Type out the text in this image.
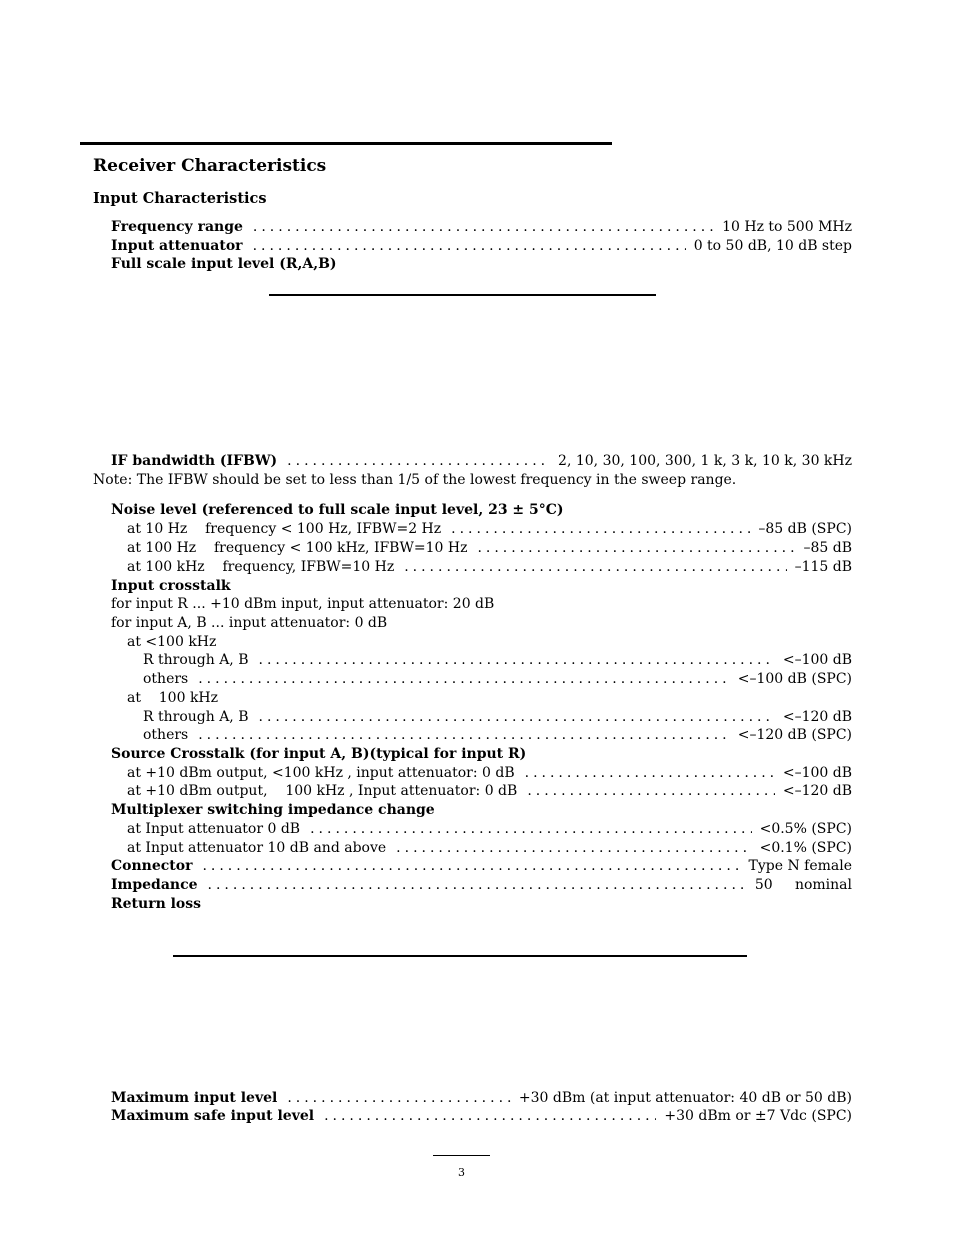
Receiver Characteristics
Input Characteristics
Frequency range .....	10 Hz to 500 MHz
Input attenuator .....	0 to 50 dB, 10 dB step
Full scale input level (R,A,B)
IF bandwidth (IFBW) .....	2, 10, 30, 100, 300, 1 k, 3 k, 10 k, 30 kHz
Note: The IFBW should be set to less than 1/5 of the lowest frequency in the sweep range.
Noise level (referenced to full scale input level, 23 ± 5°C)
at 10 Hz    frequency < 100 Hz, IFBW=2 Hz .....	–85 dB (SPC)
at 100 Hz    frequency < 100 kHz, IFBW=10 Hz .....	–85 dB
at 100 kHz    frequency, IFBW=10 Hz .....	–115 dB
Input crosstalk
for input R ... +10 dBm input, input attenuator: 20 dB
for input A, B ... input attenuator: 0 dB
at <100 kHz
R through A, B .....	<–100 dB
others .....	<–100 dB (SPC)
at    100 kHz
R through A, B .....	<–120 dB
others .....	<–120 dB (SPC)
Source Crosstalk (for input A, B)(typical for input R)
at +10 dBm output, <100 kHz , input attenuator: 0 dB .....	<–100 dB
at +10 dBm output,    100 kHz , Input attenuator: 0 dB .....	<–120 dB
Multiplexer switching impedance change
at Input attenuator 0 dB .....	<0.5% (SPC)
at Input attenuator 10 dB and above .....	<0.1% (SPC)
Connector .....	Type N female
Impedance .....	50     nominal
Return loss
Maximum input level .....	+30 dBm (at input attenuator: 40 dB or 50 dB)
Maximum safe input level .....	+30 dBm or ±7 Vdc (SPC)
3
